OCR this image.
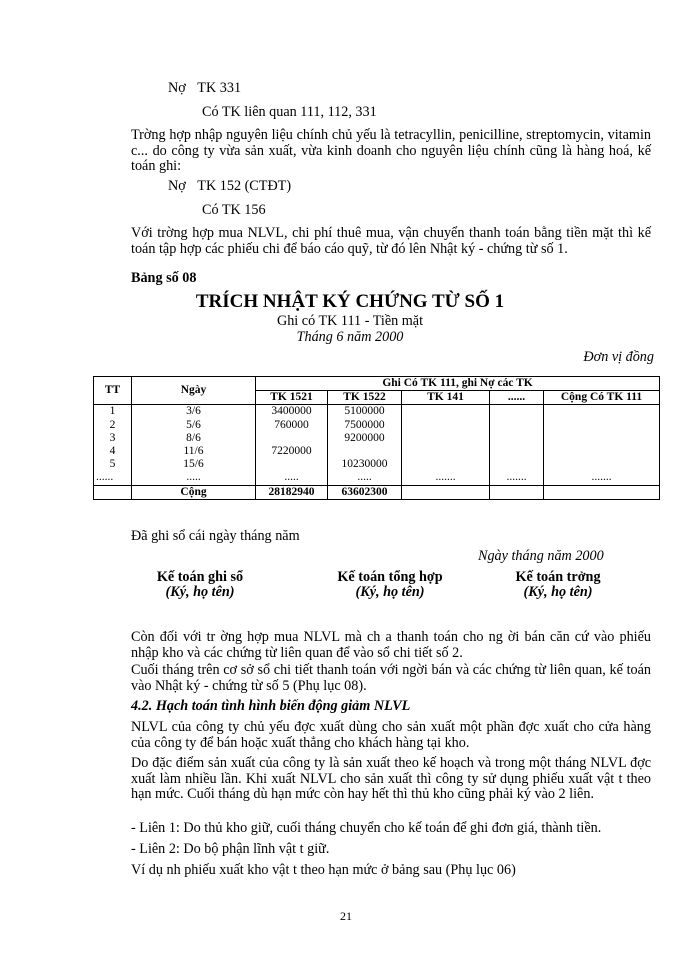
Nợ TK 331
Có TK liên quan 111, 112, 331
Trờng hợp nhập nguyên liệu chính chủ yếu là tetracyllin, penicilline, streptomycin, vitamin c... do công ty vừa sản xuất, vừa kinh doanh cho nguyên liệu chính cũng là hàng hoá, kế toán ghi:
Nợ TK 152 (CTĐT)
Có TK 156
Với trờng hợp mua NLVL, chi phí thuê mua, vận chuyển thanh toán bằng tiền mặt thì kế toán tập hợp các phiếu chi để báo cáo quỹ, từ đó lên Nhật ký - chứng từ số 1.
Bảng số 08
TRÍCH NHẬT KÝ CHỨNG TỪ SỐ 1
Ghi có TK 111 - Tiền mặt
Tháng 6 năm 2000
Đơn vị đồng
TT	Ngày	Ghi Có TK 111, ghi Nợ các TK				
		TK 1521	TK 1522	TK 141	......	Cộng Có TK 111
1	3/6	3400000	5100000			
2	5/6	760000	7500000			
3	8/6		9200000			
4	11/6	7220000				
5	15/6		10230000			
......	.....	.....	.....	.......	.......	.......
	Cộng	28182940	63602300			
Đã ghi sổ cái ngày tháng năm
Ngày tháng năm 2000
Kế toán ghi sổ
(Ký, họ tên)
Kế toán tổng hợp
(Ký, họ tên)
Kế toán trởng
(Ký, họ tên)
Còn đối với tr ờng hợp mua NLVL mà ch a thanh toán cho ng ời bán căn cứ vào phiếu nhập kho và các chứng từ liên quan để vào sổ chi tiết số 2.
Cuối tháng trên cơ sở sổ chi tiết thanh toán với ngời bán và các chứng từ liên quan, kế toán vào Nhật ký - chứng từ số 5 (Phụ lục 08).
4.2. Hạch toán tình hình biến động giảm NLVL
NLVL của công ty chủ yếu đợc xuất dùng cho sản xuất một phần đợc xuất cho cửa hàng của công ty để bán hoặc xuất thẳng cho khách hàng tại kho.
Do đặc điểm sản xuất của công ty là sản xuất theo kế hoạch và trong một tháng NLVL đợc xuất làm nhiều lần. Khi xuất NLVL cho sản xuất thì công ty sử dụng phiếu xuất vật t theo hạn mức. Cuối tháng dù hạn mức còn hay hết thì thủ kho cũng phải ký vào 2 liên.
- Liên 1: Do thủ kho giữ, cuối tháng chuyển cho kế toán để ghi đơn giá, thành tiền.
- Liên 2: Do bộ phận lĩnh vật t giữ.
Ví dụ nh phiếu xuất kho vật t theo hạn mức ở bảng sau (Phụ lục 06)
21
